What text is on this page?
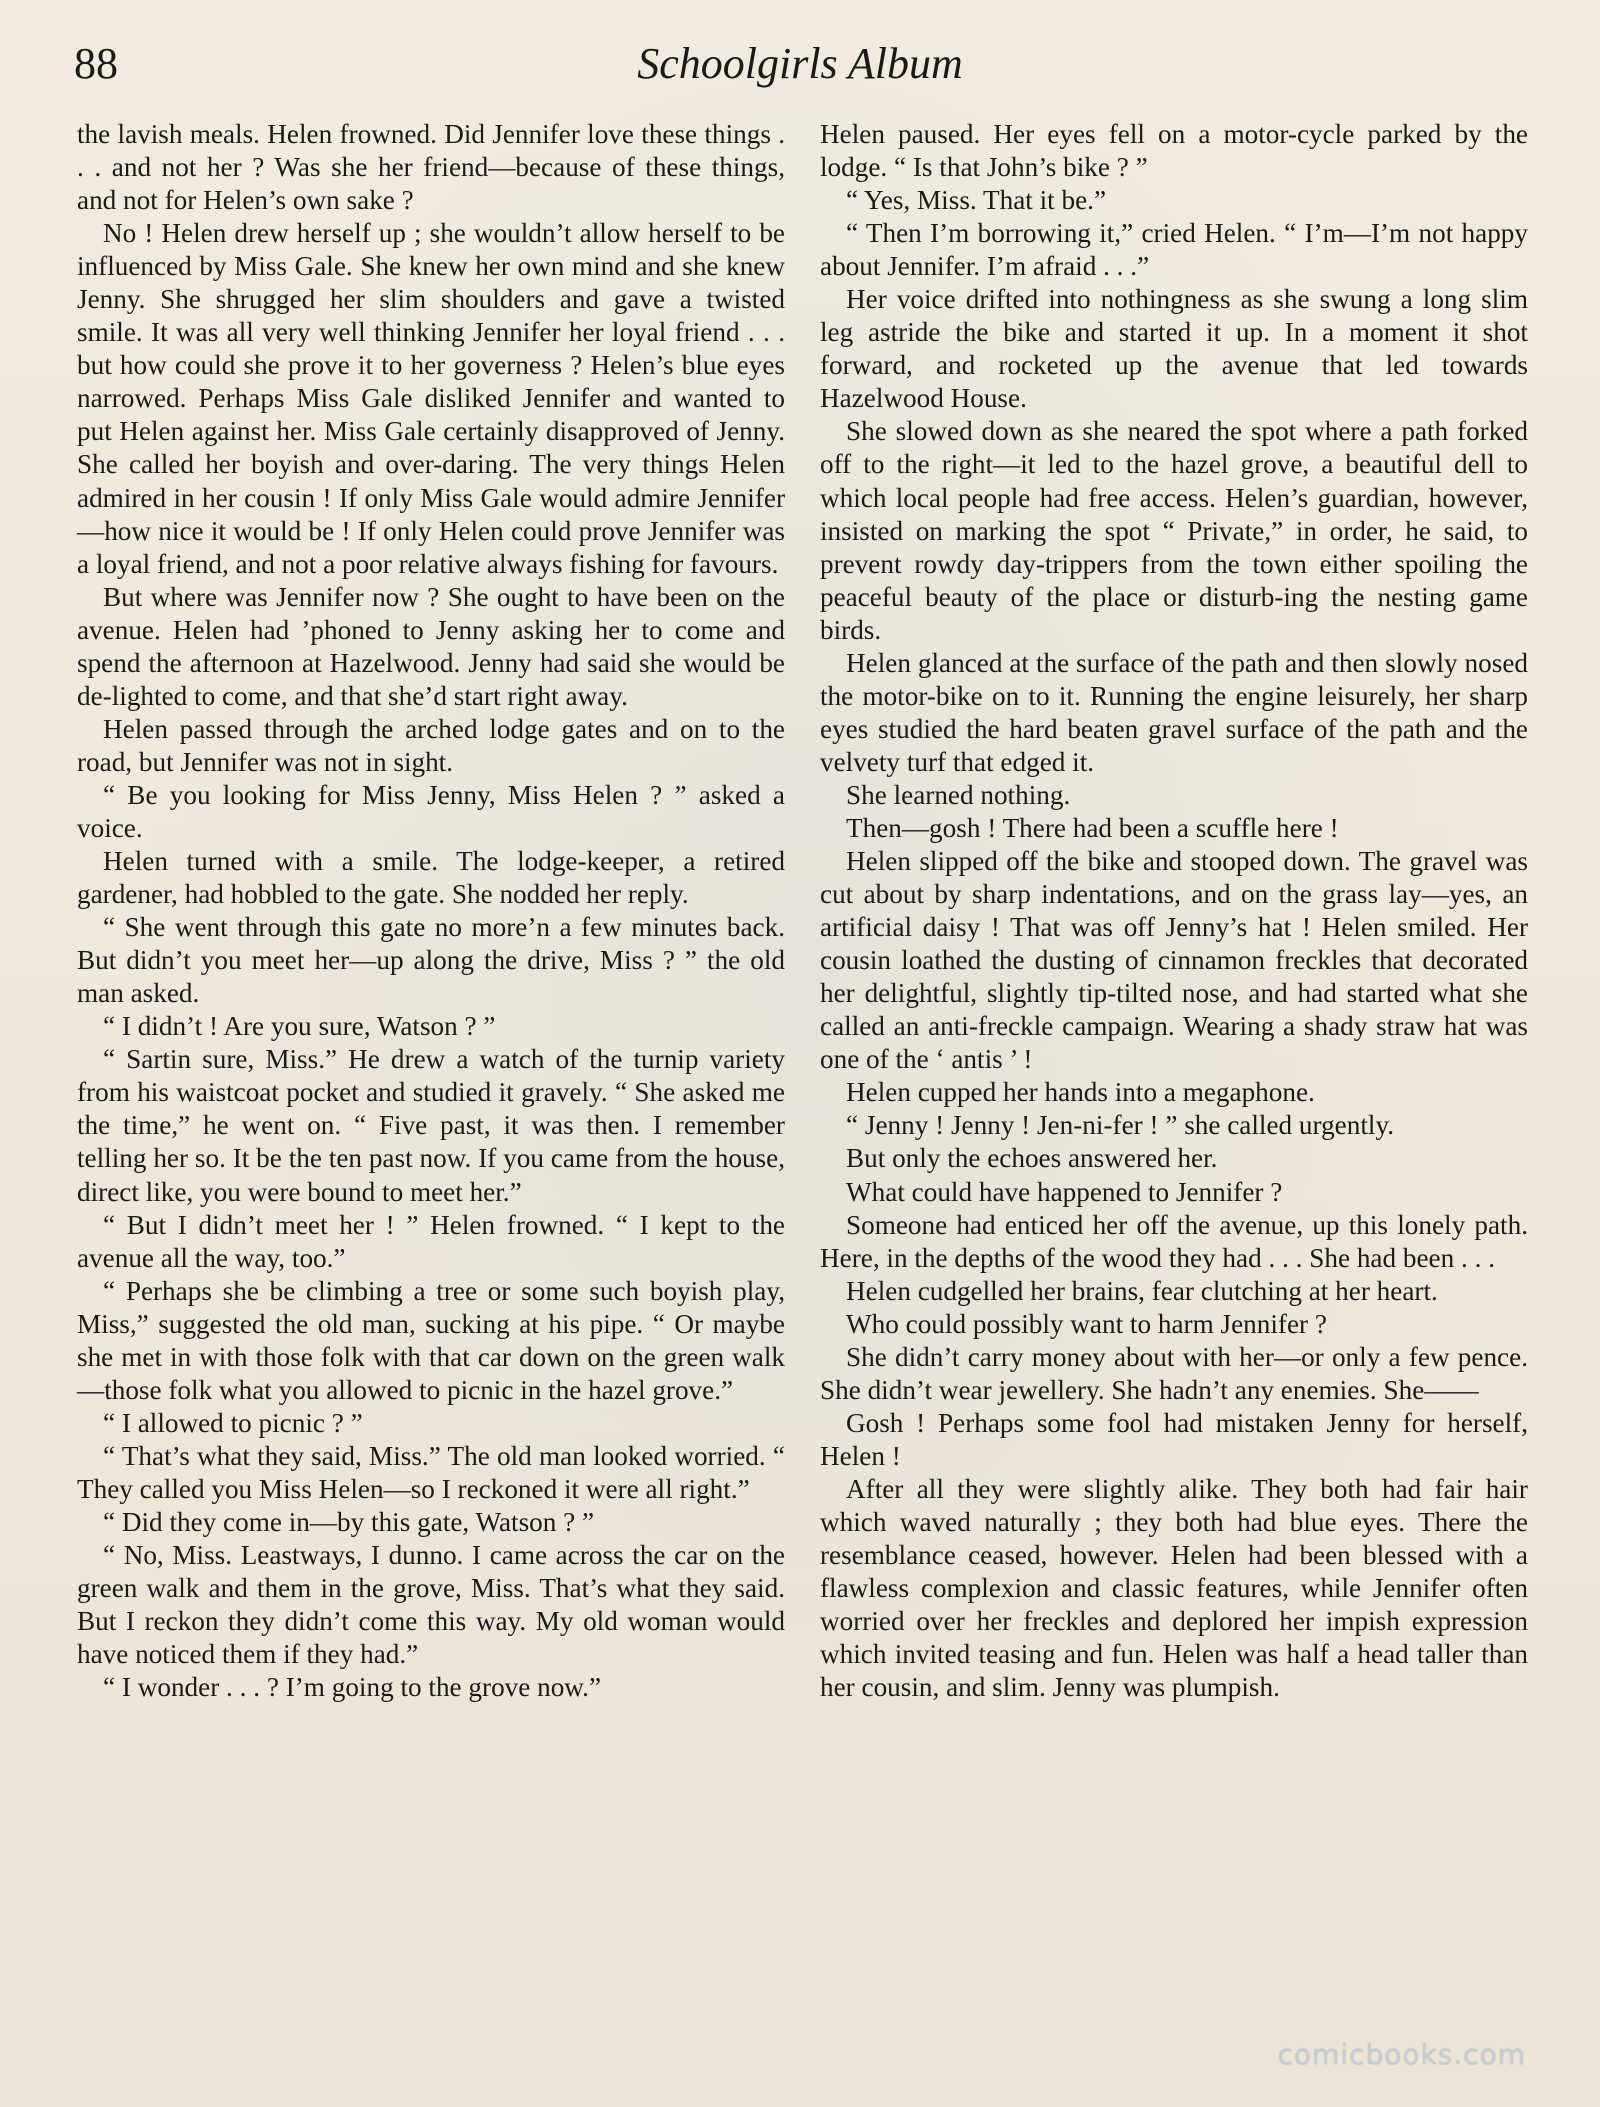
88	Schoolgirls Album

the lavish meals. Helen frowned. Did Jennifer love these things . . . and not her ? Was she her friend—because of these things, and not for Helen’s own sake ?

No ! Helen drew herself up ; she wouldn’t allow herself to be influenced by Miss Gale. She knew her own mind and she knew Jenny. She shrugged her slim shoulders and gave a twisted smile. It was all very well thinking Jennifer her loyal friend . . . but how could she prove it to her governess ? Helen’s blue eyes narrowed. Perhaps Miss Gale disliked Jennifer and wanted to put Helen against her. Miss Gale certainly disapproved of Jenny. She called her boyish and over-daring. The very things Helen admired in her cousin ! If only Miss Gale would admire Jennifer—how nice it would be ! If only Helen could prove Jennifer was a loyal friend, and not a poor relative always fishing for favours.

But where was Jennifer now ? She ought to have been on the avenue. Helen had ’phoned to Jenny asking her to come and spend the afternoon at Hazelwood. Jenny had said she would be de-lighted to come, and that she’d start right away.

Helen passed through the arched lodge gates and on to the road, but Jennifer was not in sight.

“ Be you looking for Miss Jenny, Miss Helen ? ” asked a voice.

Helen turned with a smile. The lodge-keeper, a retired gardener, had hobbled to the gate. She nodded her reply.

“ She went through this gate no more’n a few minutes back. But didn’t you meet her—up along the drive, Miss ? ” the old man asked.

“ I didn’t ! Are you sure, Watson ? ”

“ Sartin sure, Miss.” He drew a watch of the turnip variety from his waistcoat pocket and studied it gravely. “ She asked me the time,” he went on. “ Five past, it was then. I remember telling her so. It be the ten past now. If you came from the house, direct like, you were bound to meet her.”

“ But I didn’t meet her ! ” Helen frowned. “ I kept to the avenue all the way, too.”

“ Perhaps she be climbing a tree or some such boyish play, Miss,” suggested the old man, sucking at his pipe. “ Or maybe she met in with those folk with that car down on the green walk—those folk what you allowed to picnic in the hazel grove.”

“ I allowed to picnic ? ”

“ That’s what they said, Miss.” The old man looked worried. “ They called you Miss Helen—so I reckoned it were all right.”

“ Did they come in—by this gate, Watson ? ”

“ No, Miss. Leastways, I dunno. I came across the car on the green walk and them in the grove, Miss. That’s what they said. But I reckon they didn’t come this way. My old woman would have noticed them if they had.”

“ I wonder . . . ? I’m going to the grove now.”

Helen paused. Her eyes fell on a motor-cycle parked by the lodge. “ Is that John’s bike ? ”

“ Yes, Miss. That it be.”

“ Then I’m borrowing it,” cried Helen. “ I’m—I’m not happy about Jennifer. I’m afraid . . .”

Her voice drifted into nothingness as she swung a long slim leg astride the bike and started it up. In a moment it shot forward, and rocketed up the avenue that led towards Hazelwood House.

She slowed down as she neared the spot where a path forked off to the right—it led to the hazel grove, a beautiful dell to which local people had free access. Helen’s guardian, however, insisted on marking the spot “ Private,” in order, he said, to prevent rowdy day-trippers from the town either spoiling the peaceful beauty of the place or disturb-ing the nesting game birds.

Helen glanced at the surface of the path and then slowly nosed the motor-bike on to it. Running the engine leisurely, her sharp eyes studied the hard beaten gravel surface of the path and the velvety turf that edged it.

She learned nothing.

Then—gosh ! There had been a scuffle here !

Helen slipped off the bike and stooped down. The gravel was cut about by sharp indentations, and on the grass lay—yes, an artificial daisy ! That was off Jenny’s hat ! Helen smiled. Her cousin loathed the dusting of cinnamon freckles that decorated her delightful, slightly tip-tilted nose, and had started what she called an anti-freckle campaign. Wearing a shady straw hat was one of the ‘ antis ’ !

Helen cupped her hands into a megaphone.

“ Jenny ! Jenny ! Jen-ni-fer ! ” she called urgently.

But only the echoes answered her.

What could have happened to Jennifer ?

Someone had enticed her off the avenue, up this lonely path. Here, in the depths of the wood they had . . . She had been . . .

Helen cudgelled her brains, fear clutching at her heart.

Who could possibly want to harm Jennifer ?

She didn’t carry money about with her—or only a few pence. She didn’t wear jewellery. She hadn’t any enemies. She——

Gosh ! Perhaps some fool had mistaken Jenny for herself, Helen !

After all they were slightly alike. They both had fair hair which waved naturally ; they both had blue eyes. There the resemblance ceased, however. Helen had been blessed with a flawless complexion and classic features, while Jennifer often worried over her freckles and deplored her impish expression which invited teasing and fun. Helen was half a head taller than her cousin, and slim. Jenny was plumpish.

comicbooks.com
